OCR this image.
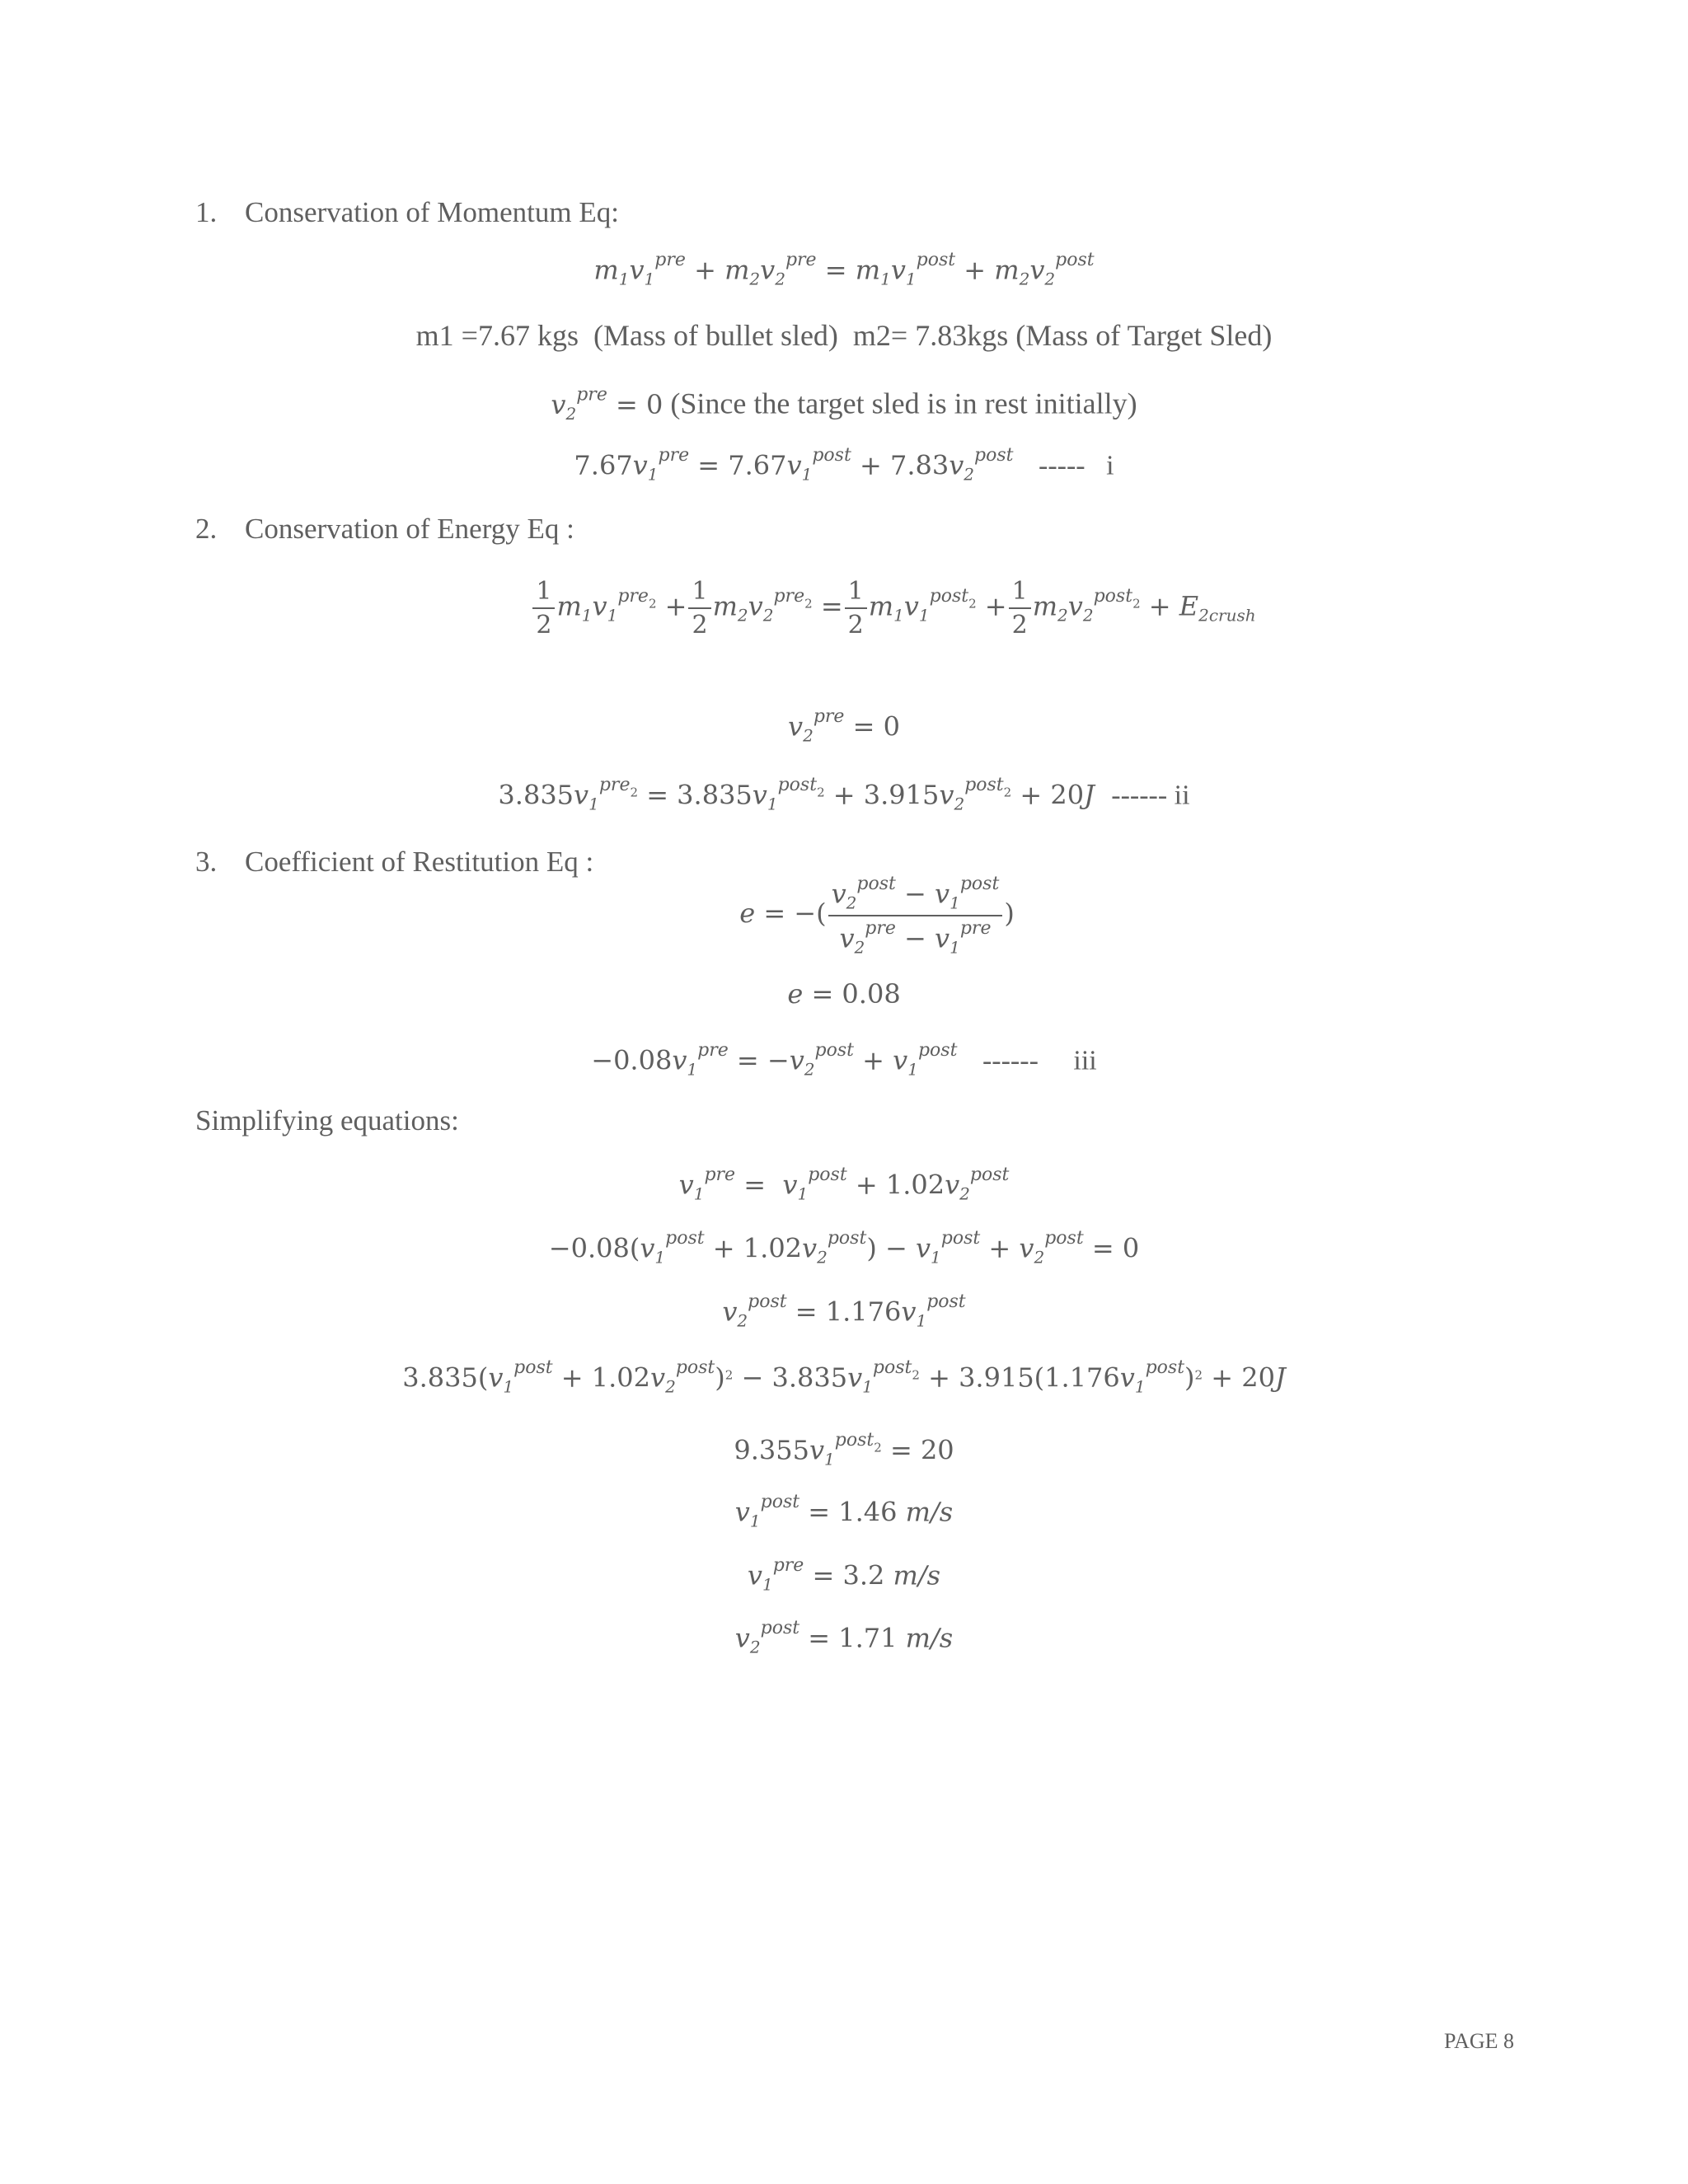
1. Conservation of Momentum Eq:
$m_1v_1^{pre} + m_2v_2^{pre} = m_1v_1^{post} + m_2v_2^{post}$
m1 =7.67 kgs  (Mass of bullet sled)  m2= 7.83kgs (Mass of Target Sled)
$v_2^{pre} = 0$ (Since the target sled is in rest initially)
$7.67v_1^{pre} = 7.67v_1^{post} + 7.83v_2^{post}$ -----   i
2. Conservation of Energy Eq :
$\frac{1}{2} m_1v_1^{pre2} + \frac{1}{2} m_2v_2^{pre2} = \frac{1}{2} m_1v_1^{post2} + \frac{1}{2} m_2v_2^{post2} + E_{2crush}$
$v_2^{pre} = 0$
$3.835v_1^{pre2} = 3.835v_1^{post2} + 3.915v_2^{post2} + 20J$ ------ ii
3. Coefficient of Restitution Eq :
e = −( $\frac{v_2^{post} - v_1^{post}}{v_2^{pre} - v_1^{pre}}$ )
e = 0.08
$-0.08v_1^{pre} = -v_2^{post} + v_1^{post}$ ------     iii
Simplifying equations:
$v_1^{pre} = v_1^{post} + 1.02v_2^{post}$
$-0.08(v_1^{post} + 1.02v_2^{post}) - v_1^{post} + v_2^{post} = 0$
$v_2^{post} = 1.176v_1^{post}$
$3.835(v_1^{post} + 1.02v_2^{post})^2 - 3.835v_1^{post2} + 3.915(1.176v_1^{post})^2 + 20J$
$9.355v_1^{post2} = 20$
$v_1^{post} = 1.46$ m/s
$v_1^{pre} = 3.2$ m/s
$v_2^{post} = 1.71$ m/s
PAGE 8
